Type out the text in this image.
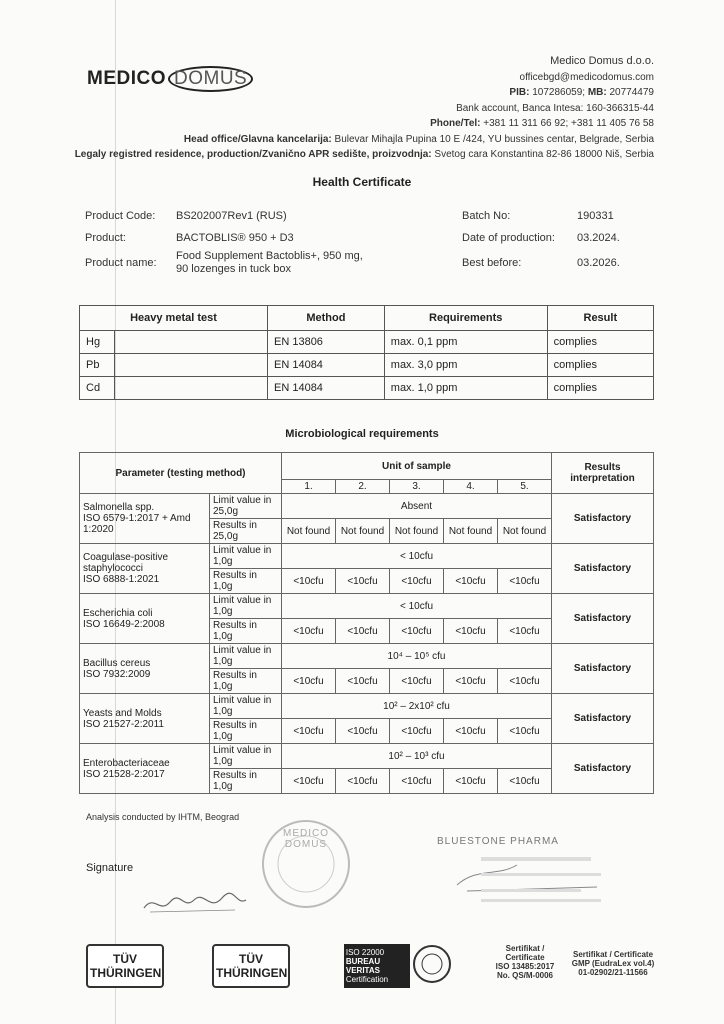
MEDICO DOMUS
Medico Domus d.o.o.
officebgd@medicodomus.com
PIB: 107286059; MB: 20774479
Bank account, Banca Intesa: 160-366315-44
Phone/Tel: +381 11 311 66 92; +381 11 405 76 58
Head office/Glavna kancelarija: Bulevar Mihajla Pupina 10 E /424, YU bussines centar, Belgrade, Serbia
Legaly registred residence, production/Zvanično APR sedište, proizvodnja: Svetog cara Konstantina 82-86 18000 Niš, Serbia
Health Certificate
Product Code: BS202007Rev1 (RUS)
Product:	BACTOBLIS® 950 + D3
Product name:
Food Supplement Bactoblis+, 950 mg,
90 lozenges in tuck box
Batch No:	190331
Date of production: 03.2024.
Best before:	03.2026.
Heavy metal test		Method	Requirements	Result
Hg		EN 13806	max. 0,1 ppm	complies
Pb		EN 14084	max. 3,0 ppm	complies
Cd		EN 14084	max. 1,0 ppm	complies
Microbiological requirements
Parameter (testing method)		Unit of sample					Results interpretation
		1.	2.	3.	4.	5.	

Salmonella spp.
ISO 6579-1:2017 + Amd 1:2020	Limit value in 25,0g	Absent					Satisfactory
	Results in 25,0g	Not found	Not found	Not found	Not found	Not found	

Coagulase-positive staphylococci
ISO 6888-1:2021	Limit value in 1,0g	< 10cfu					Satisfactory
	Results in 1,0g	<10cfu	<10cfu	<10cfu	<10cfu	<10cfu	

Escherichia coli
ISO 16649-2:2008	Limit value in 1,0g	< 10cfu					Satisfactory
	Results in 1,0g	<10cfu	<10cfu	<10cfu	<10cfu	<10cfu	

Bacillus cereus
ISO 7932:2009	Limit value in 1,0g	10⁴ – 10⁵ cfu					Satisfactory
	Results in 1,0g	<10cfu	<10cfu	<10cfu	<10cfu	<10cfu	

Yeasts and Molds
ISO 21527-2:2011	Limit value in 1,0g	10² – 2x10² cfu					Satisfactory
	Results in 1,0g	<10cfu	<10cfu	<10cfu	<10cfu	<10cfu	

Enterobacteriaceae
ISO 21528-2:2017	Limit value in 1,0g	10² – 10³ cfu					Satisfactory
	Results in 1,0g	<10cfu	<10cfu	<10cfu	<10cfu	<10cfu	
Analysis conducted by IHTM, Beograd
Signature
MEDICO DOMUS	BLUESTONE PHARMA
TÜV THÜRINGEN
TÜV THÜRINGEN
ISO 22000
BUREAU VERITAS
Certification

Sertifikat /
Certificate
ISO 13485:2017
No. QS/M-0006
Sertifikat / Certificate
GMP (EudraLex vol.4)
01-02902/21-11566
